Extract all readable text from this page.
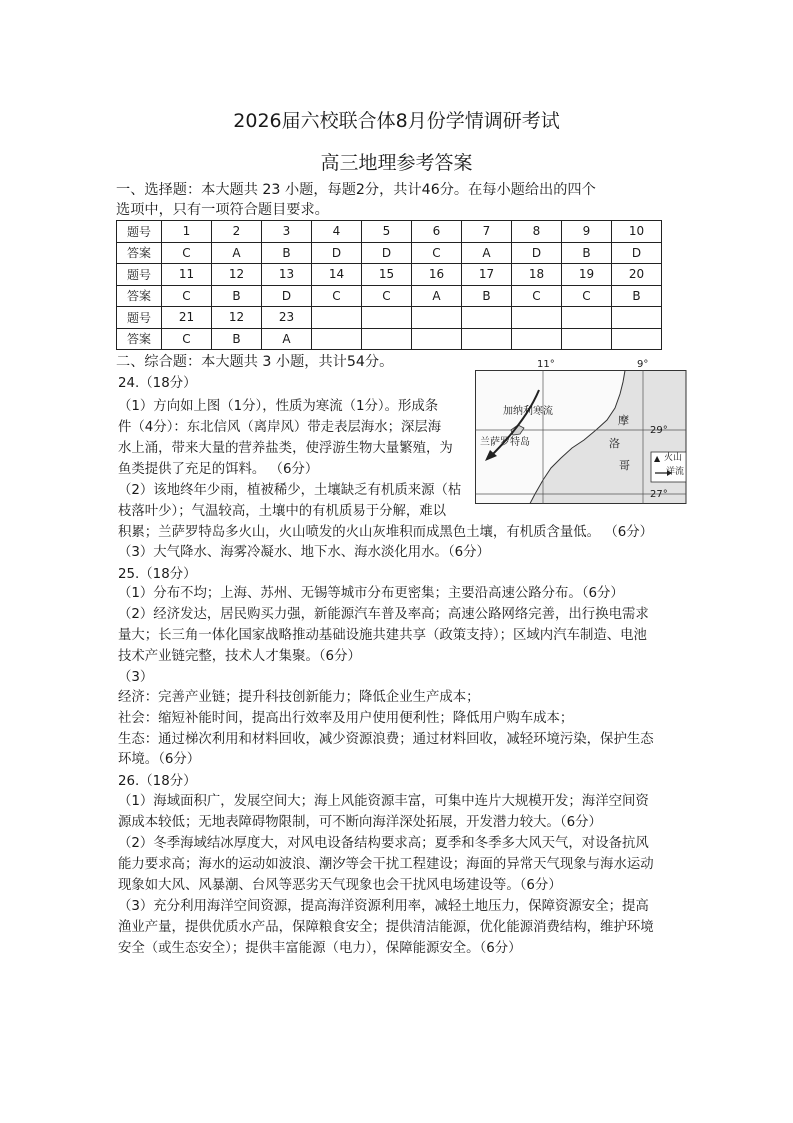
2026届六校联合体8月份学情调研考试
高三地理参考答案
一、选择题：本大题共 23 小题，每题2分，共计46分。在每小题给出的四个
选项中，只有一项符合题目要求。
题号	1	2	3	4	5	6	7	8	9	10
答案	C	A	B	D	D	C	A	D	B	D
题号	11	12	13	14	15	16	17	18	19	20
答案	C	B	D	C	C	A	B	C	C	B
题号	21	12	23							
答案	C	B	A							
二、综合题：本大题共 3 小题，共计54分。	11°	9°
加纳利寒流
兰萨罗特岛
摩
洛
哥
29°
27°
▲ 火山
洋流
24.（18分）
（1）方向如上图（1分），性质为寒流（1分）。形成条
件（4分）：东北信风（离岸风）带走表层海水；深层海
水上涌，带来大量的营养盐类，使浮游生物大量繁殖，为
鱼类提供了充足的饵料。 （6分）
（2）该地终年少雨，植被稀少，土壤缺乏有机质来源（枯
枝落叶少）；气温较高，土壤中的有机质易于分解，难以
积累；兰萨罗特岛多火山，火山喷发的火山灰堆积而成黑色土壤，有机质含量低。 （6分）
（3）大气降水、海雾冷凝水、地下水、海水淡化用水。（6分）
25.（18分）
（1）分布不均；上海、苏州、无锡等城市分布更密集；主要沿高速公路分布。（6分）
（2）经济发达，居民购买力强，新能源汽车普及率高；高速公路网络完善，出行换电需求
量大；长三角一体化国家战略推动基础设施共建共享（政策支持）；区域内汽车制造、电池
技术产业链完整，技术人才集聚。（6分）
（3）
经济：完善产业链；提升科技创新能力；降低企业生产成本；
社会：缩短补能时间，提高出行效率及用户使用便利性；降低用户购车成本；
生态：通过梯次利用和材料回收，减少资源浪费；通过材料回收，减轻环境污染，保护生态
环境。（6分）
26.（18分）
（1）海域面积广，发展空间大；海上风能资源丰富，可集中连片大规模开发；海洋空间资
源成本较低；无地表障碍物限制，可不断向海洋深处拓展，开发潜力较大。（6分）
（2）冬季海域结冰厚度大，对风电设备结构要求高；夏季和冬季多大风天气，对设备抗风
能力要求高；海水的运动如波浪、潮汐等会干扰工程建设；海面的异常天气现象与海水运动
现象如大风、风暴潮、台风等恶劣天气现象也会干扰风电场建设等。（6分）
（3）充分利用海洋空间资源，提高海洋资源利用率，减轻土地压力，保障资源安全；提高
渔业产量，提供优质水产品，保障粮食安全；提供清洁能源，优化能源消费结构，维护环境
安全（或生态安全）；提供丰富能源（电力），保障能源安全。（6分）
